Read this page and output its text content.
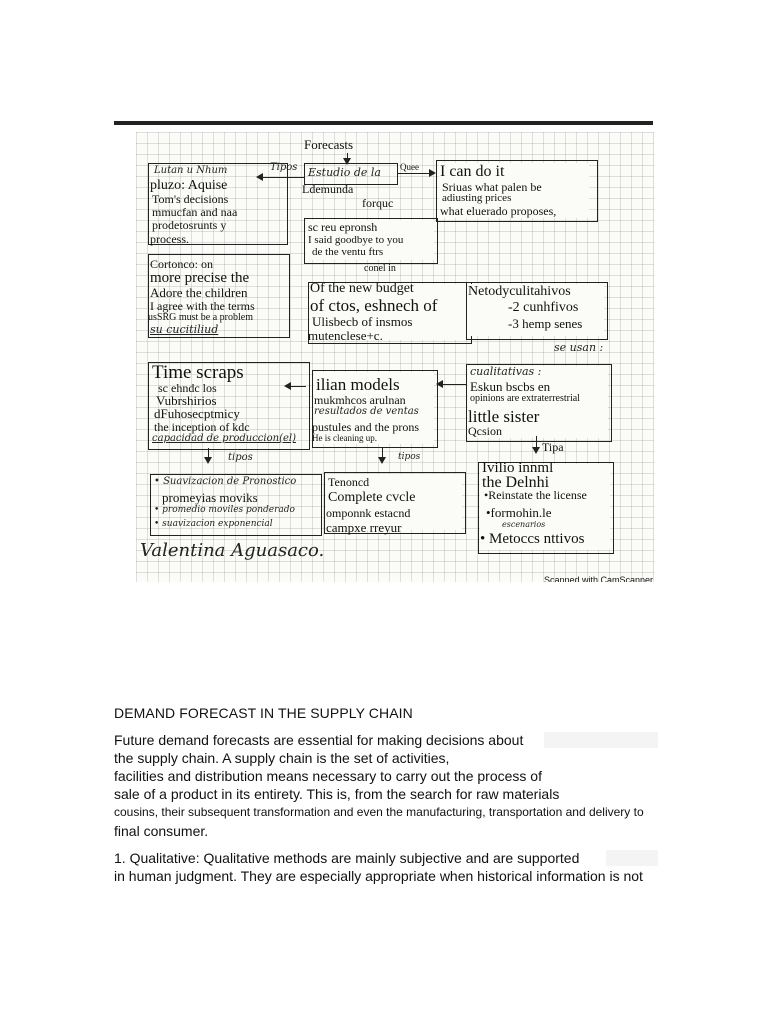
Forecasts
Tipos
Lutan u Nhum
pluzo: Aquise
Tom's decisions
mmucfan and naa
prodetosrunts y
process.
Estudio de la Quee
Ldemunda
forquc
I can do it
Sriuas what palen be
adiusting prices
what eluerado proposes,
sc reu epronsh
I said goodbye to you
de the ventu ftrs
conel in
Cortonco: on
more precise the
Adore the children
I agree with the terms
usSRG must be a problem
su cucitiliud
Of the new budget
of ctos, eshnech of
Ulisbecb of insmos
mutenclese+c.
Netodyculitahivos
-2 cunhfivos
-3 hemp senes
se usan :
Time scraps
sc ehndc los
Vubrshirios
dFuhosecptmicy
the inception of kdc
capacidad de produccion(el)
ilian models
mukmhcos arulnan
resultados de ventas
pustules and the prons
He is cleaning up.
cualitativas :
Eskun bscbs en
opinions are extraterrestrial
little sister
Qcsion
tipos	tipos
Tipa
• Suavizacion de Pronostico
promeyias moviks
• promedio moviles ponderado
• suavizacion exponencial
Tenoncd
Complete cvcle
omponnk estacnd
campxe rreyur
Ivilio innml
the Delnhi
•Reinstate the license
•formohin.le
escenarios
• Metoccs nttivos
Valentina Aguasaco.
Scanned with CamScanner
DEMAND FORECAST IN THE SUPPLY CHAIN
Future demand forecasts are essential for making decisions about
the supply chain. A supply chain is the set of activities,
facilities and distribution means necessary to carry out the process of
sale of a product in its entirety. This is, from the search for raw materials
cousins, their subsequent transformation and even the manufacturing, transportation and delivery to
final consumer.
1. Qualitative: Qualitative methods are mainly subjective and are supported
in human judgment. They are especially appropriate when historical information is not
